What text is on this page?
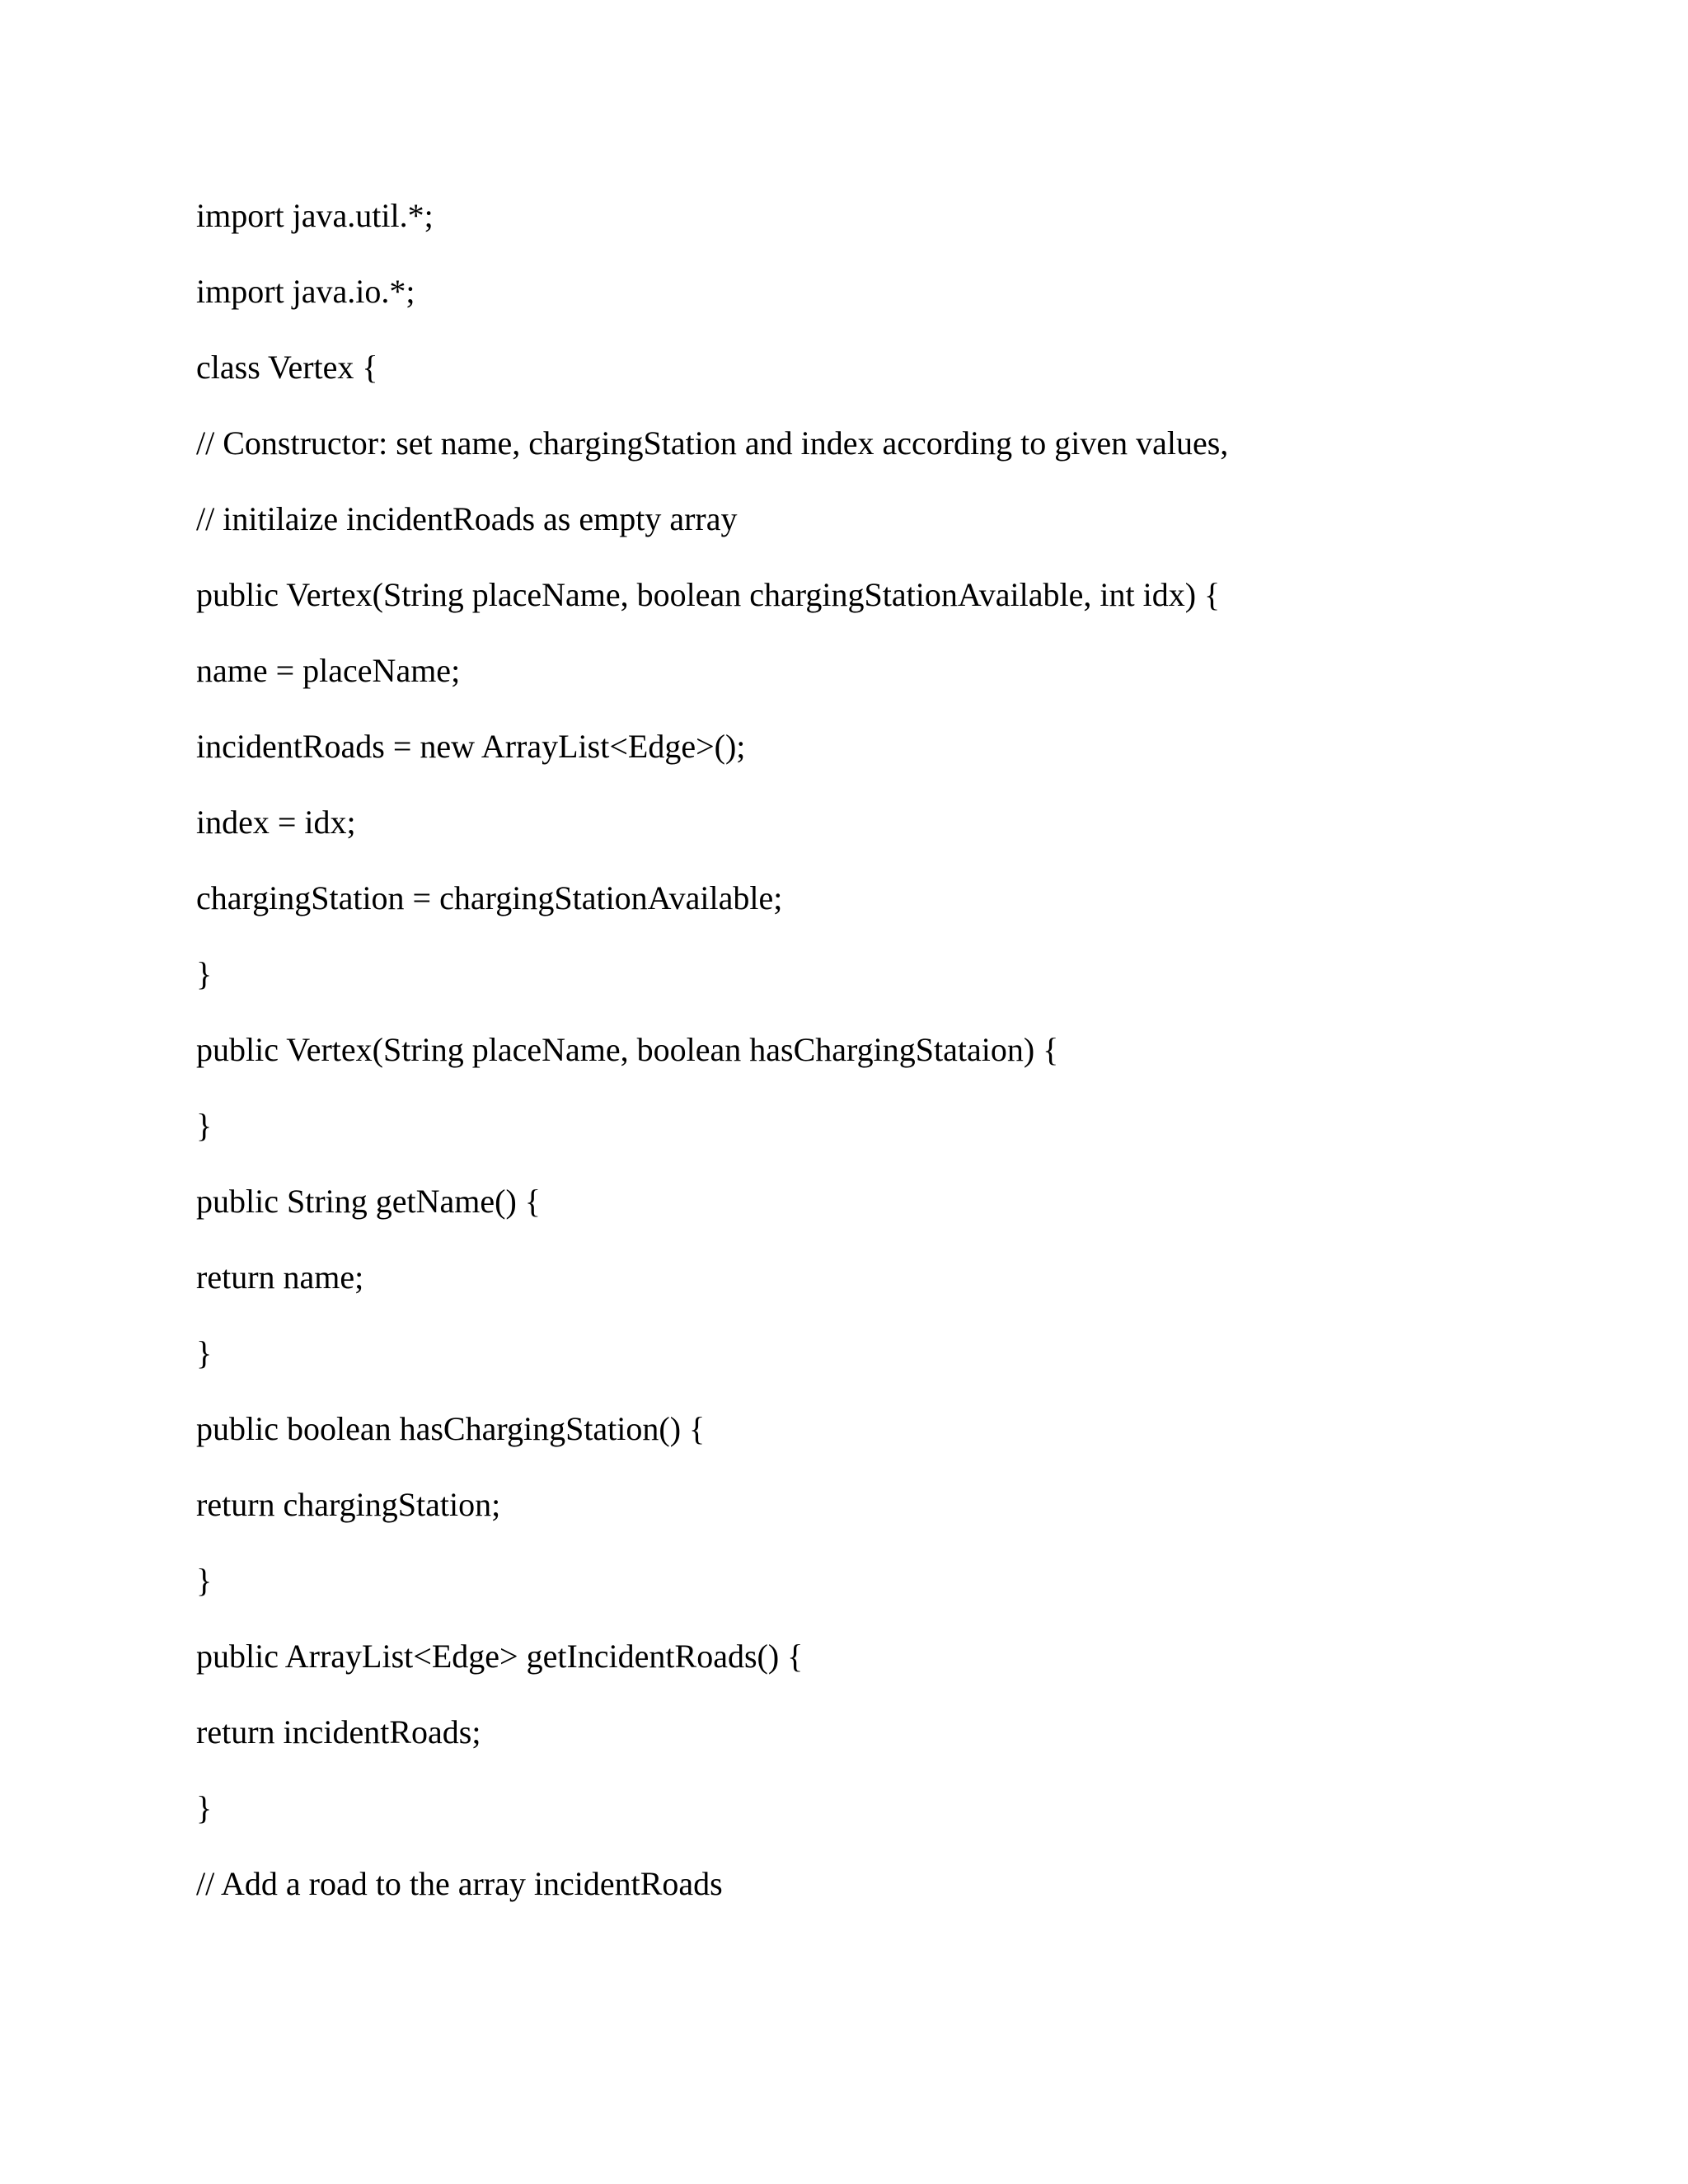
import java.util.*;
import java.io.*;
class Vertex {
// Constructor: set name, chargingStation and index according to given values,
// initilaize incidentRoads as empty array
public Vertex(String placeName, boolean chargingStationAvailable, int idx) {
name = placeName;
incidentRoads = new ArrayList<Edge>();
index = idx;
chargingStation = chargingStationAvailable;
}
public Vertex(String placeName, boolean hasChargingStataion) {
}
public String getName() {
return name;
}
public boolean hasChargingStation() {
return chargingStation;
}
public ArrayList<Edge> getIncidentRoads() {
return incidentRoads;
}
// Add a road to the array incidentRoads
